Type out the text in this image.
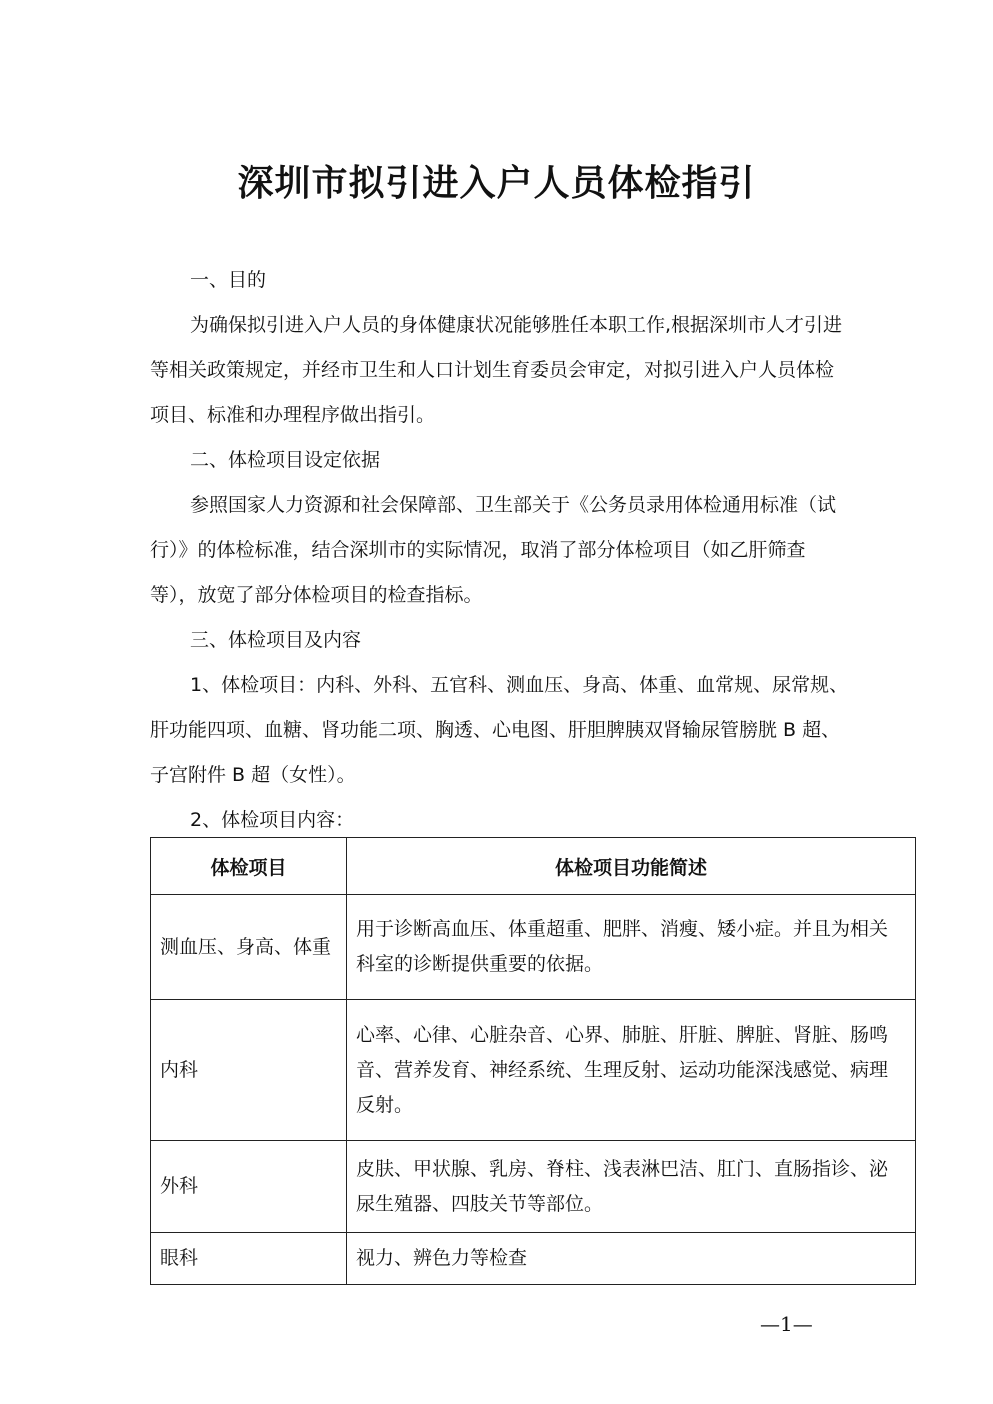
深圳市拟引进入户人员体检指引
一、目的
为确保拟引进入户人员的身体健康状况能够胜任本职工作,根据深圳市人才引进等相关政策规定，并经市卫生和人口计划生育委员会审定，对拟引进入户人员体检项目、标准和办理程序做出指引。
二、体检项目设定依据
参照国家人力资源和社会保障部、卫生部关于《公务员录用体检通用标准（试行）》的体检标准，结合深圳市的实际情况，取消了部分体检项目（如乙肝筛查等），放宽了部分体检项目的检查指标。
三、体检项目及内容
1、体检项目：内科、外科、五官科、测血压、身高、体重、血常规、尿常规、肝功能四项、血糖、肾功能二项、胸透、心电图、肝胆脾胰双肾输尿管膀胱 B 超、子宫附件 B 超（女性）。
2、体检项目内容：
体检项目	体检项目功能简述
测血压、身高、体重	用于诊断高血压、体重超重、肥胖、消瘦、矮小症。并且为相关科室的诊断提供重要的依据。
内科	心率、心律、心脏杂音、心界、肺脏、肝脏、脾脏、肾脏、肠鸣音、营养发育、神经系统、生理反射、运动功能深浅感觉、病理反射。
外科	皮肤、甲状腺、乳房、脊柱、浅表淋巴洁、肛门、直肠指诊、泌尿生殖器、四肢关节等部位。
眼科	视力、辨色力等检查
—1—
